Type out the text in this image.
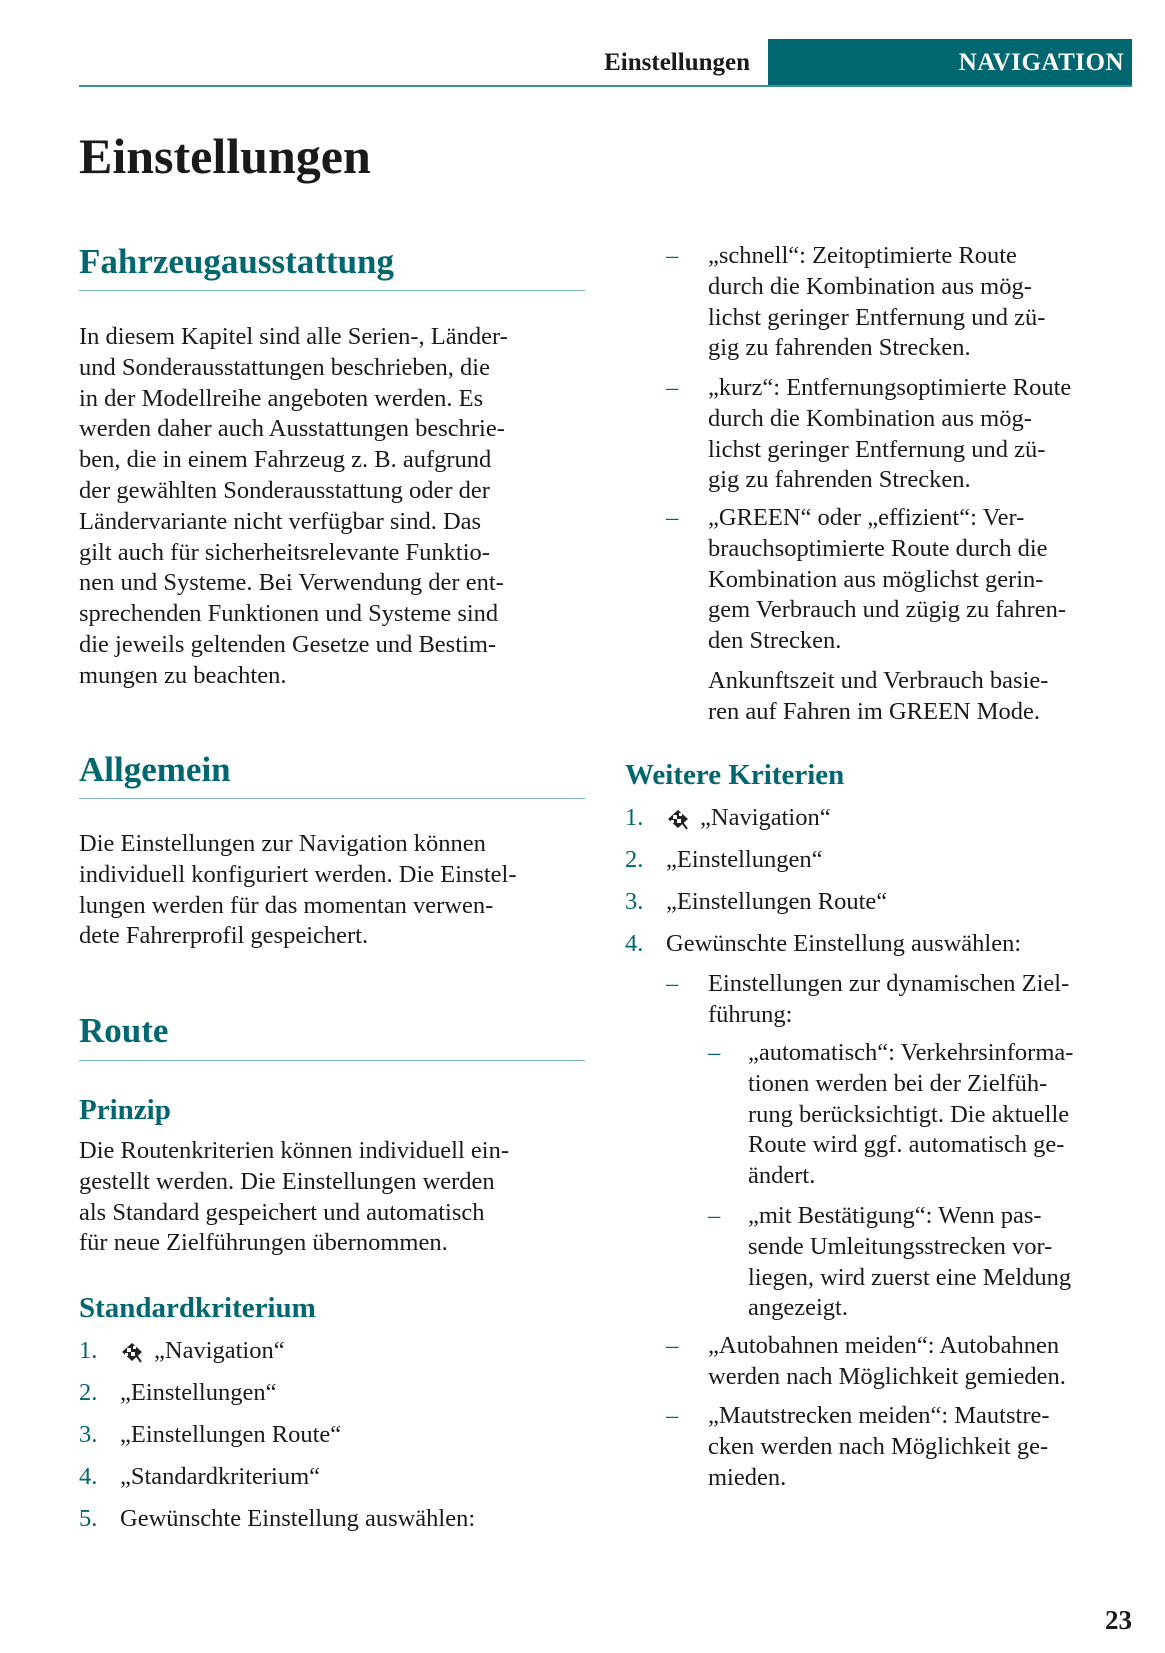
Einstellungen	NAVIGATION
Einstellungen
23
Fahrzeugausstattung
In diesem Kapitel sind alle Serien-, Länder-
und Sonderausstattungen beschrieben, die
in der Modellreihe angeboten werden. Es
werden daher auch Ausstattungen beschrie-
ben, die in einem Fahrzeug z. B. aufgrund
der gewählten Sonderausstattung oder der
Ländervariante nicht verfügbar sind. Das
gilt auch für sicherheitsrelevante Funktio-
nen und Systeme. Bei Verwendung der ent-
sprechenden Funktionen und Systeme sind
die jeweils geltenden Gesetze und Bestim-
mungen zu beachten.
Allgemein
Die Einstellungen zur Navigation können
individuell konfiguriert werden. Die Einstel-
lungen werden für das momentan verwen-
dete Fahrerprofil gespeichert.
Route
Prinzip
Die Routenkriterien können individuell ein-
gestellt werden. Die Einstellungen werden
als Standard gespeichert und automatisch
für neue Zielführungen übernommen.
Standardkriterium
1.	„Navigation“
2. „Einstellungen“
3. „Einstellungen Route“
4. „Standardkriterium“
5. Gewünschte Einstellung auswählen:
– „schnell“: Zeitoptimierte Route
durch die Kombination aus mög-
lichst geringer Entfernung und zü-
gig zu fahrenden Strecken.
– „kurz“: Entfernungsoptimierte Route
durch die Kombination aus mög-
lichst geringer Entfernung und zü-
gig zu fahrenden Strecken.
– „GREEN“ oder „effizient“: Ver-
brauchsoptimierte Route durch die
Kombination aus möglichst gerin-
gem Verbrauch und zügig zu fahren-
den Strecken.
Ankunftszeit und Verbrauch basie-
ren auf Fahren im GREEN Mode.
Weitere Kriterien
1.	„Navigation“
2. „Einstellungen“
3. „Einstellungen Route“
4. Gewünschte Einstellung auswählen:
– Einstellungen zur dynamischen Ziel-
führung:
– „automatisch“: Verkehrsinforma-
tionen werden bei der Zielfüh-
rung berücksichtigt. Die aktuelle
Route wird ggf. automatisch ge-
ändert.
– „mit Bestätigung“: Wenn pas-
sende Umleitungsstrecken vor-
liegen, wird zuerst eine Meldung
angezeigt.
– „Autobahnen meiden“: Autobahnen
werden nach Möglichkeit gemieden.
– „Mautstrecken meiden“: Mautstre-
cken werden nach Möglichkeit ge-
mieden.
